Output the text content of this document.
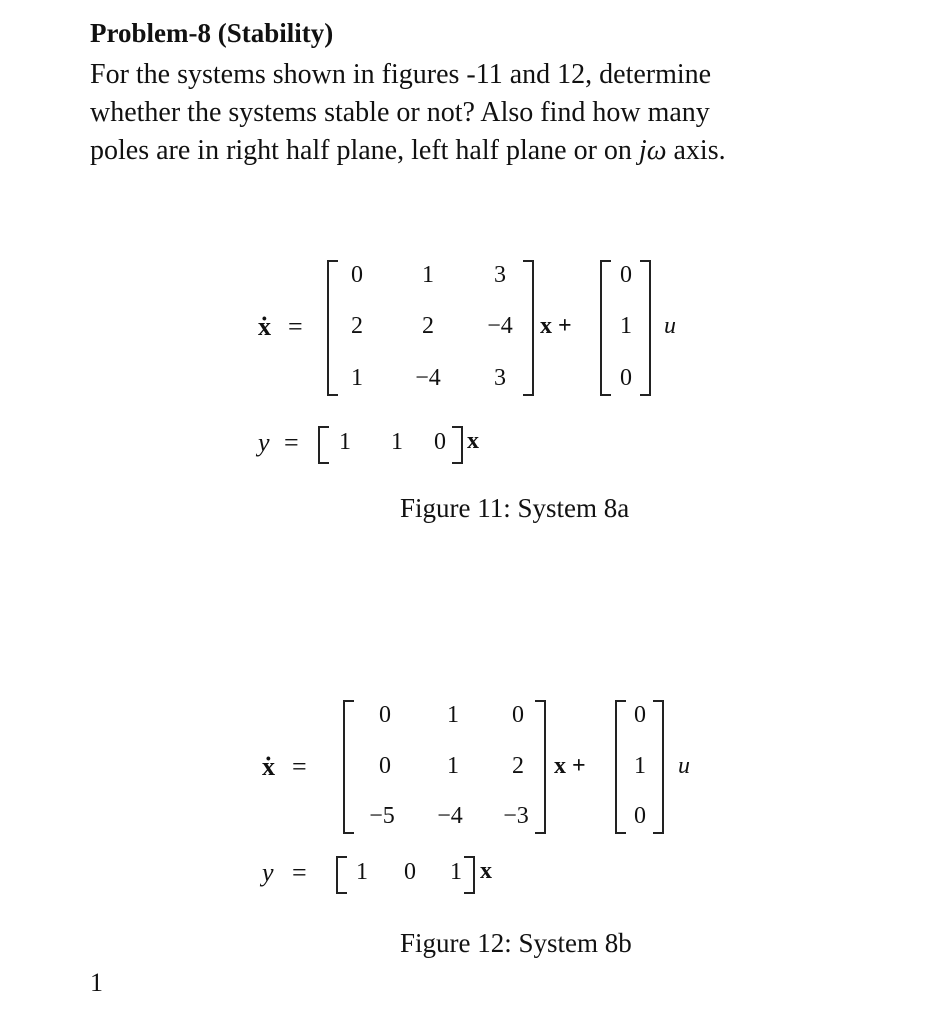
Problem-8 (Stability)

For the systems shown in figures -11 and 12, determine

whether the systems stable or not? Also find how many

poles are in right half plane, left half plane or on jω axis.

ẋ =
0	1	3
2	2	−4
1	−4	3
x +
0
1
0
u
y = 1 1 0 x
Figure 11: System 8a
ẋ =
0	1	0
0	1	2
−5	−4	−3
x +
0
1
0
u
y = 1 0 1 x
Figure 12: System 8b
1
